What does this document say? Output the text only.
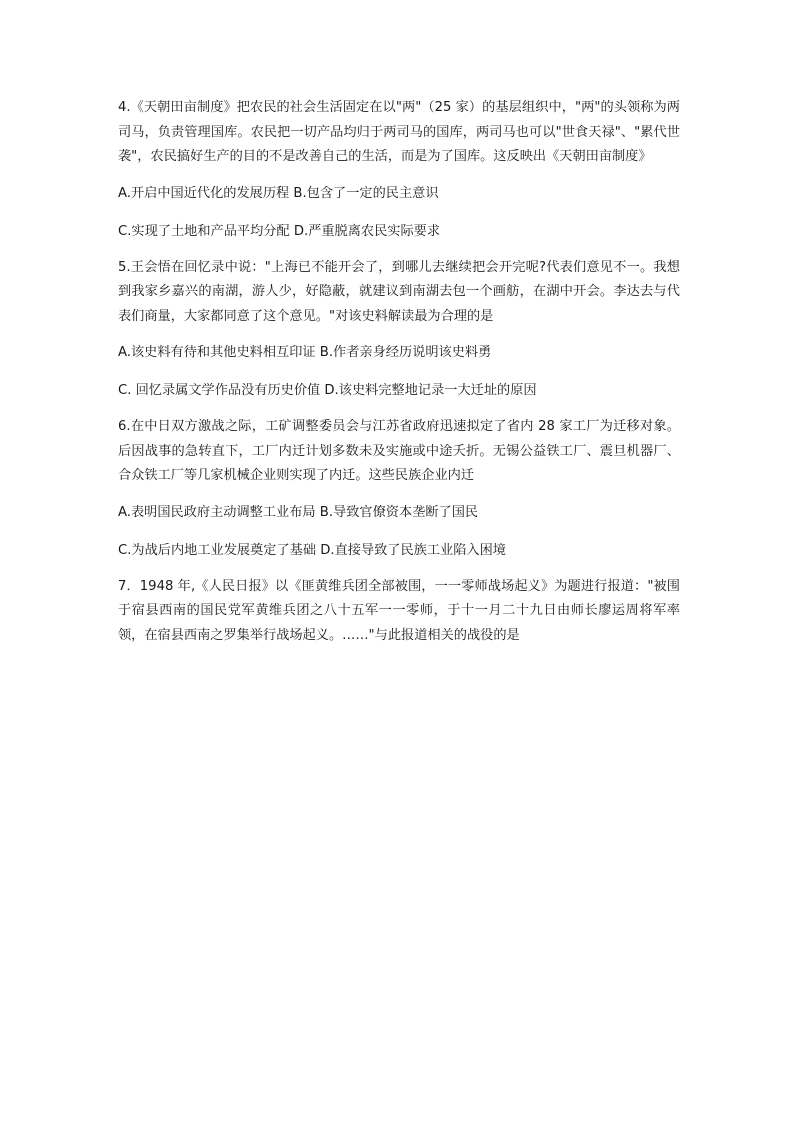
4.《天朝田亩制度》把农民的社会生活固定在以"两"（25 家）的基层组织中，"两"的头领称为两司马，负责管理国库。农民把一切产品均归于两司马的国库，两司马也可以"世食天禄"、"累代世袭"，农民搞好生产的目的不是改善自己的生活，而是为了国库。这反映出《天朝田亩制度》

A.开启中国近代化的发展历程 B.包含了一定的民主意识

C.实现了土地和产品平均分配 D.严重脱离农民实际要求

5.王会悟在回忆录中说："上海已不能开会了，到哪儿去继续把会开完呢?代表们意见不一。我想到我家乡嘉兴的南湖，游人少，好隐蔽，就建议到南湖去包一个画舫，在湖中开会。李达去与代表们商量，大家都同意了这个意见。"对该史料解读最为合理的是

A.该史料有待和其他史料相互印证 B.作者亲身经历说明该史料勇

C. 回忆录属文学作品没有历史价值 D.该史料完整地记录一大迁址的原因

6.在中日双方激战之际，工矿调整委员会与江苏省政府迅速拟定了省内 28 家工厂为迁移对象。后因战事的急转直下，工厂内迁计划多数未及实施或中途夭折。无锡公益铁工厂、震旦机器厂、合众铁工厂等几家机械企业则实现了内迁。这些民族企业内迁

A.表明国民政府主动调整工业布局 B.导致官僚资本垄断了国民

C.为战后内地工业发展奠定了基础 D.直接导致了民族工业陷入困境

7．1948 年,《人民日报》以《匪黄维兵团全部被围，一一零师战场起义》为题进行报道："被围于宿县西南的国民党军黄维兵团之八十五军一一零师，于十一月二十九日由师长廖运周将军率领，在宿县西南之罗集举行战场起义。……"与此报道相关的战役的是
